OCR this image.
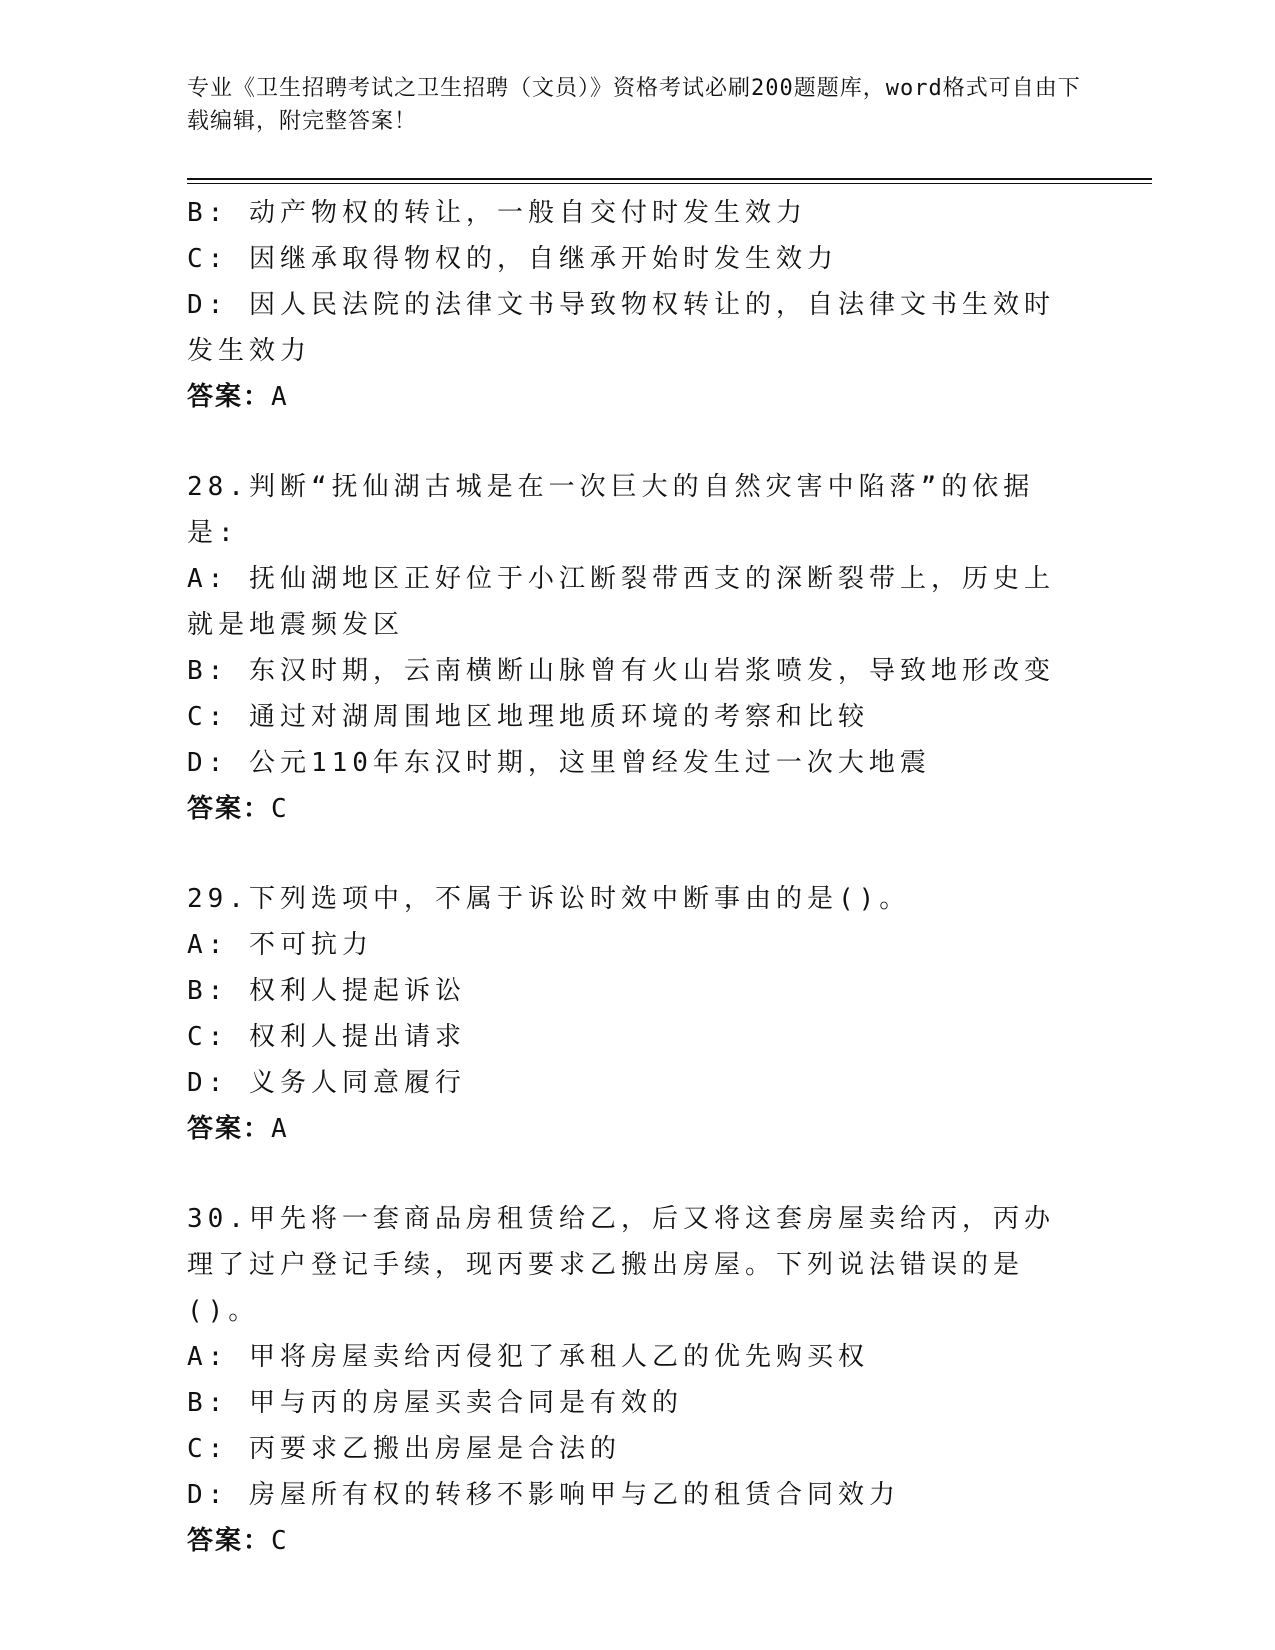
专业《卫生招聘考试之卫生招聘（文员）》资格考试必刷200题题库，word格式可自由下载编辑，附完整答案！
B: 动产物权的转让，一般自交付时发生效力
C: 因继承取得物权的，自继承开始时发生效力
D: 因人民法院的法律文书导致物权转让的，自法律文书生效时发生效力
答案：A
28.判断“抚仙湖古城是在一次巨大的自然灾害中陷落”的依据是:
A: 抚仙湖地区正好位于小江断裂带西支的深断裂带上，历史上就是地震频发区
B: 东汉时期，云南横断山脉曾有火山岩浆喷发，导致地形改变
C: 通过对湖周围地区地理地质环境的考察和比较
D: 公元110年东汉时期，这里曾经发生过一次大地震
答案：C
29.下列选项中，不属于诉讼时效中断事由的是()。
A: 不可抗力
B: 权利人提起诉讼
C: 权利人提出请求
D: 义务人同意履行
答案：A
30.甲先将一套商品房租赁给乙，后又将这套房屋卖给丙，丙办理了过户登记手续，现丙要求乙搬出房屋。下列说法错误的是()。
A: 甲将房屋卖给丙侵犯了承租人乙的优先购买权
B: 甲与丙的房屋买卖合同是有效的
C: 丙要求乙搬出房屋是合法的
D: 房屋所有权的转移不影响甲与乙的租赁合同效力
答案：C
